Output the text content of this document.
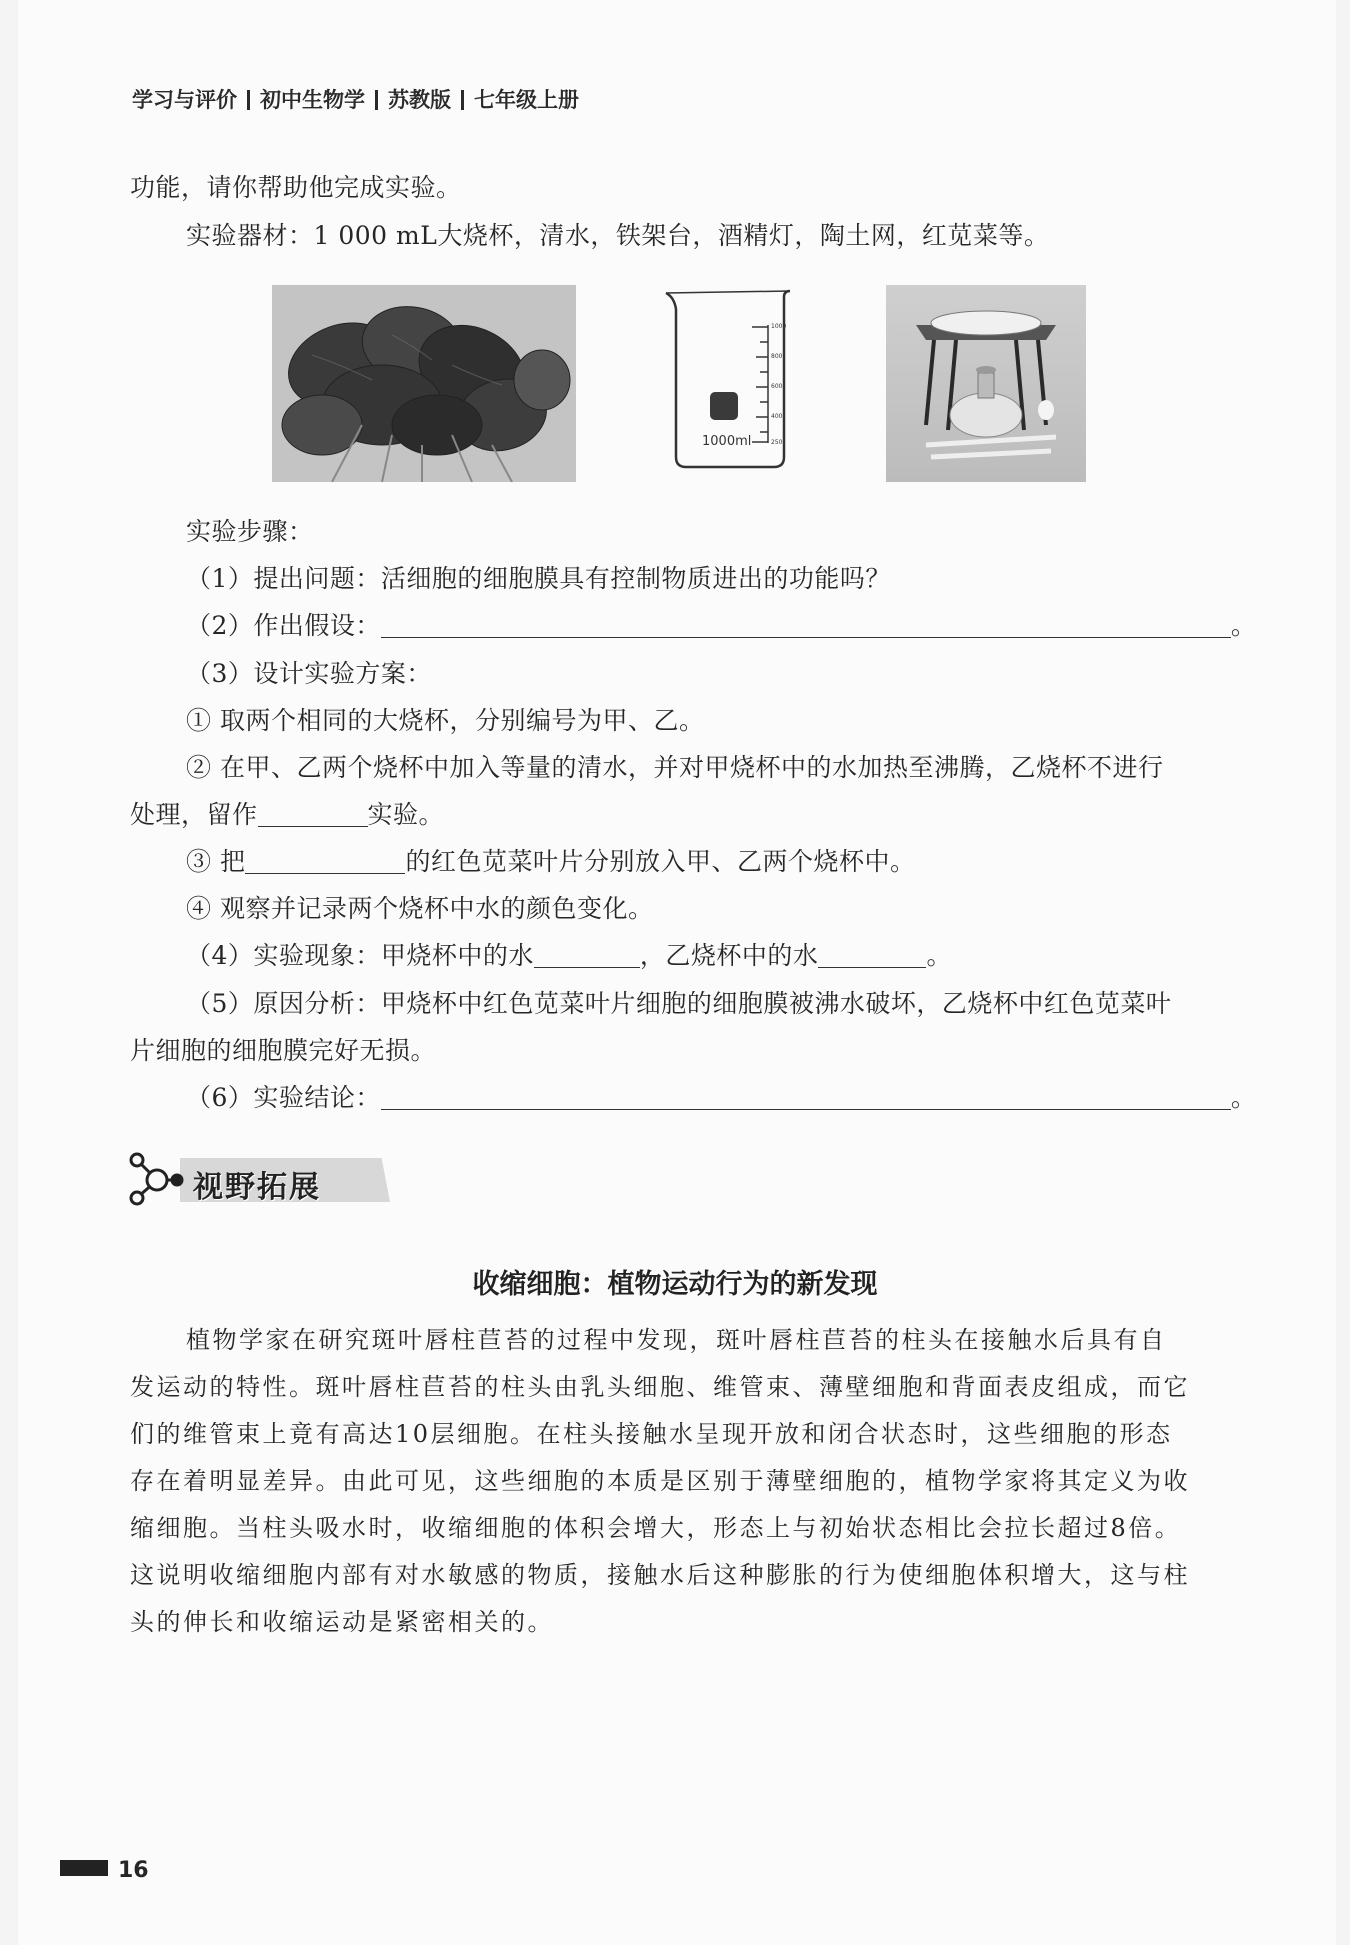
学习与评价 初中生物学 苏教版 七年级上册
功能，请你帮助他完成实验。
实验器材：1 000 mL大烧杯，清水，铁架台，酒精灯，陶土网，红苋菜等。
1000
800
600
400
250
1000ml
实验步骤：
（1）提出问题：活细胞的细胞膜具有控制物质进出的功能吗？
（2）作出假设：	。
（3）设计实验方案：
① 取两个相同的大烧杯，分别编号为甲、乙。
② 在甲、乙两个烧杯中加入等量的清水，并对甲烧杯中的水加热至沸腾，乙烧杯不进行
处理，留作	实验。
③ 把	的红色苋菜叶片分别放入甲、乙两个烧杯中。
④ 观察并记录两个烧杯中水的颜色变化。
（4）实验现象：甲烧杯中的水	，乙烧杯中的水	。
（5）原因分析：甲烧杯中红色苋菜叶片细胞的细胞膜被沸水破坏，乙烧杯中红色苋菜叶
片细胞的细胞膜完好无损。
（6）实验结论：	。
视野拓展
收缩细胞：植物运动行为的新发现
植物学家在研究斑叶唇柱苣苔的过程中发现，斑叶唇柱苣苔的柱头在接触水后具有自
发运动的特性。斑叶唇柱苣苔的柱头由乳头细胞、维管束、薄壁细胞和背面表皮组成，而它
们的维管束上竟有高达10层细胞。在柱头接触水呈现开放和闭合状态时，这些细胞的形态
存在着明显差异。由此可见，这些细胞的本质是区别于薄壁细胞的，植物学家将其定义为收
缩细胞。当柱头吸水时，收缩细胞的体积会增大，形态上与初始状态相比会拉长超过8倍。
这说明收缩细胞内部有对水敏感的物质，接触水后这种膨胀的行为使细胞体积增大，这与柱
头的伸长和收缩运动是紧密相关的。
16
